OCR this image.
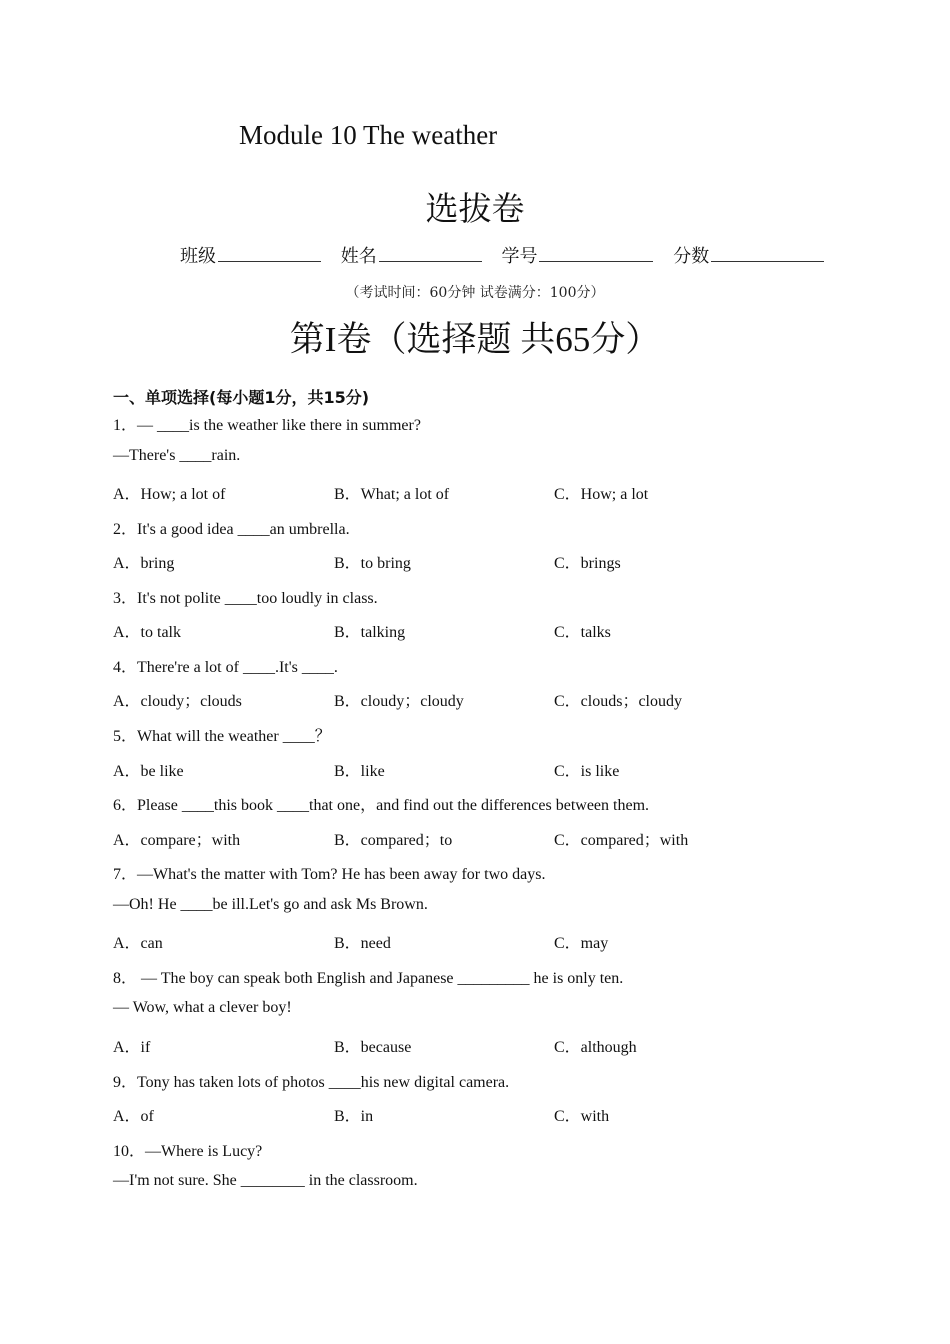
Module 10 The weather
选拔卷
班级	姓名	学号	分数
（考试时间：60分钟 试卷满分：100分）
第I卷（选择题 共65分）
一、单项选择(每小题1分，共15分)
1．— ____is the weather like there in summer?
—There's ____rain.
A．How; a lot of	B．What; a lot of	C．How; a lot
2．It's a good idea ____an umbrella.
A．bring	B．to bring	C．brings
3．It's not polite ____too loudly in class.
A．to talk	B．talking	C．talks
4．There're a lot of ____.It's ____.
A．cloudy；clouds	B．cloudy；cloudy	C．clouds；cloudy
5．What will the weather ____？
A．be like	B．like	C．is like
6．Please ____this book ____that one，and find out the differences between them.
A．compare；with	B．compared；to	C．compared；with
7．—What's the matter with Tom? He has been away for two days.
—Oh! He ____be ill.Let's go and ask Ms Brown.
A．can	B．need	C．may
8． — The boy can speak both English and Japanese _________ he is only ten.
— Wow, what a clever boy!
A．if	B．because	C．although
9．Tony has taken lots of photos ____his new digital camera.
A．of	B．in	C．with
10．—Where is Lucy?
—I'm not sure. She ________ in the classroom.
